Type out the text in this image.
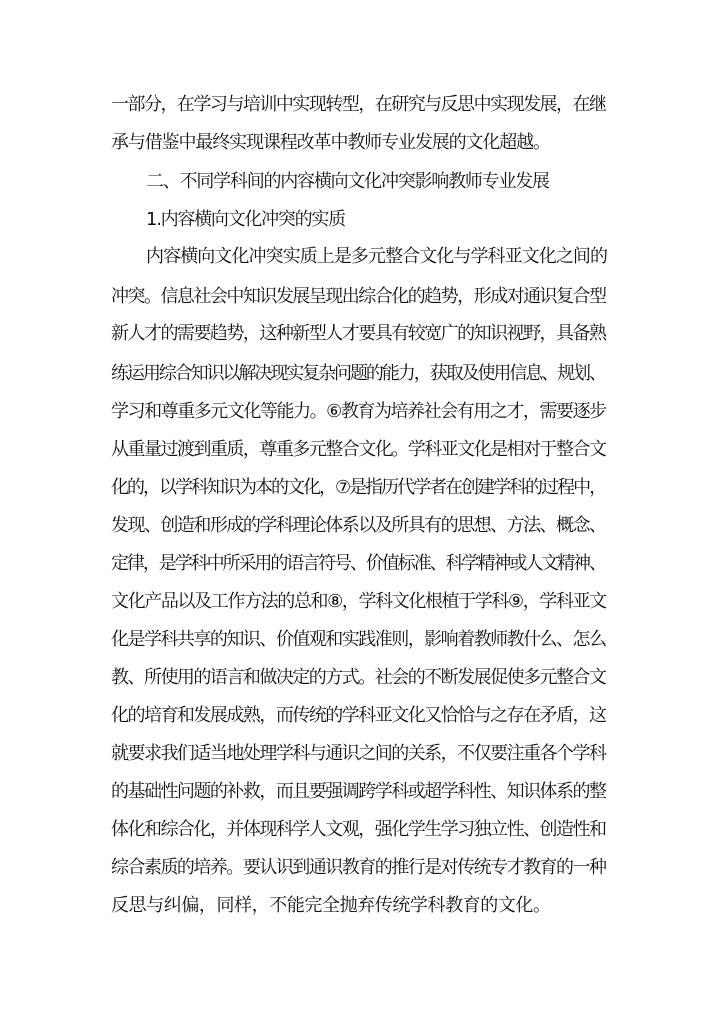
一部分，在学习与培训中实现转型，在研究与反思中实现发展，在继
承与借鉴中最终实现课程改革中教师专业发展的文化超越。
二、不同学科间的内容横向文化冲突影响教师专业发展
1.内容横向文化冲突的实质
内容横向文化冲突实质上是多元整合文化与学科亚文化之间的
冲突。信息社会中知识发展呈现出综合化的趋势，形成对通识复合型
新人才的需要趋势，这种新型人才要具有较宽广的知识视野，具备熟
练运用综合知识以解决现实复杂问题的能力，获取及使用信息、规划、
学习和尊重多元文化等能力。⑥教育为培养社会有用之才，需要逐步
从重量过渡到重质，尊重多元整合文化。学科亚文化是相对于整合文
化的，以学科知识为本的文化，⑦是指历代学者在创建学科的过程中，
发现、创造和形成的学科理论体系以及所具有的思想、方法、概念、
定律，是学科中所采用的语言符号、价值标准、科学精神或人文精神、
文化产品以及工作方法的总和⑧，学科文化根植于学科⑨，学科亚文
化是学科共享的知识、价值观和实践准则，影响着教师教什么、怎么
教、所使用的语言和做决定的方式。社会的不断发展促使多元整合文
化的培育和发展成熟，而传统的学科亚文化又恰恰与之存在矛盾，这
就要求我们适当地处理学科与通识之间的关系，不仅要注重各个学科
的基础性问题的补救，而且要强调跨学科或超学科性、知识体系的整
体化和综合化，并体现科学人文观，强化学生学习独立性、创造性和
综合素质的培养。要认识到通识教育的推行是对传统专才教育的一种
反思与纠偏，同样，不能完全抛弃传统学科教育的文化。
